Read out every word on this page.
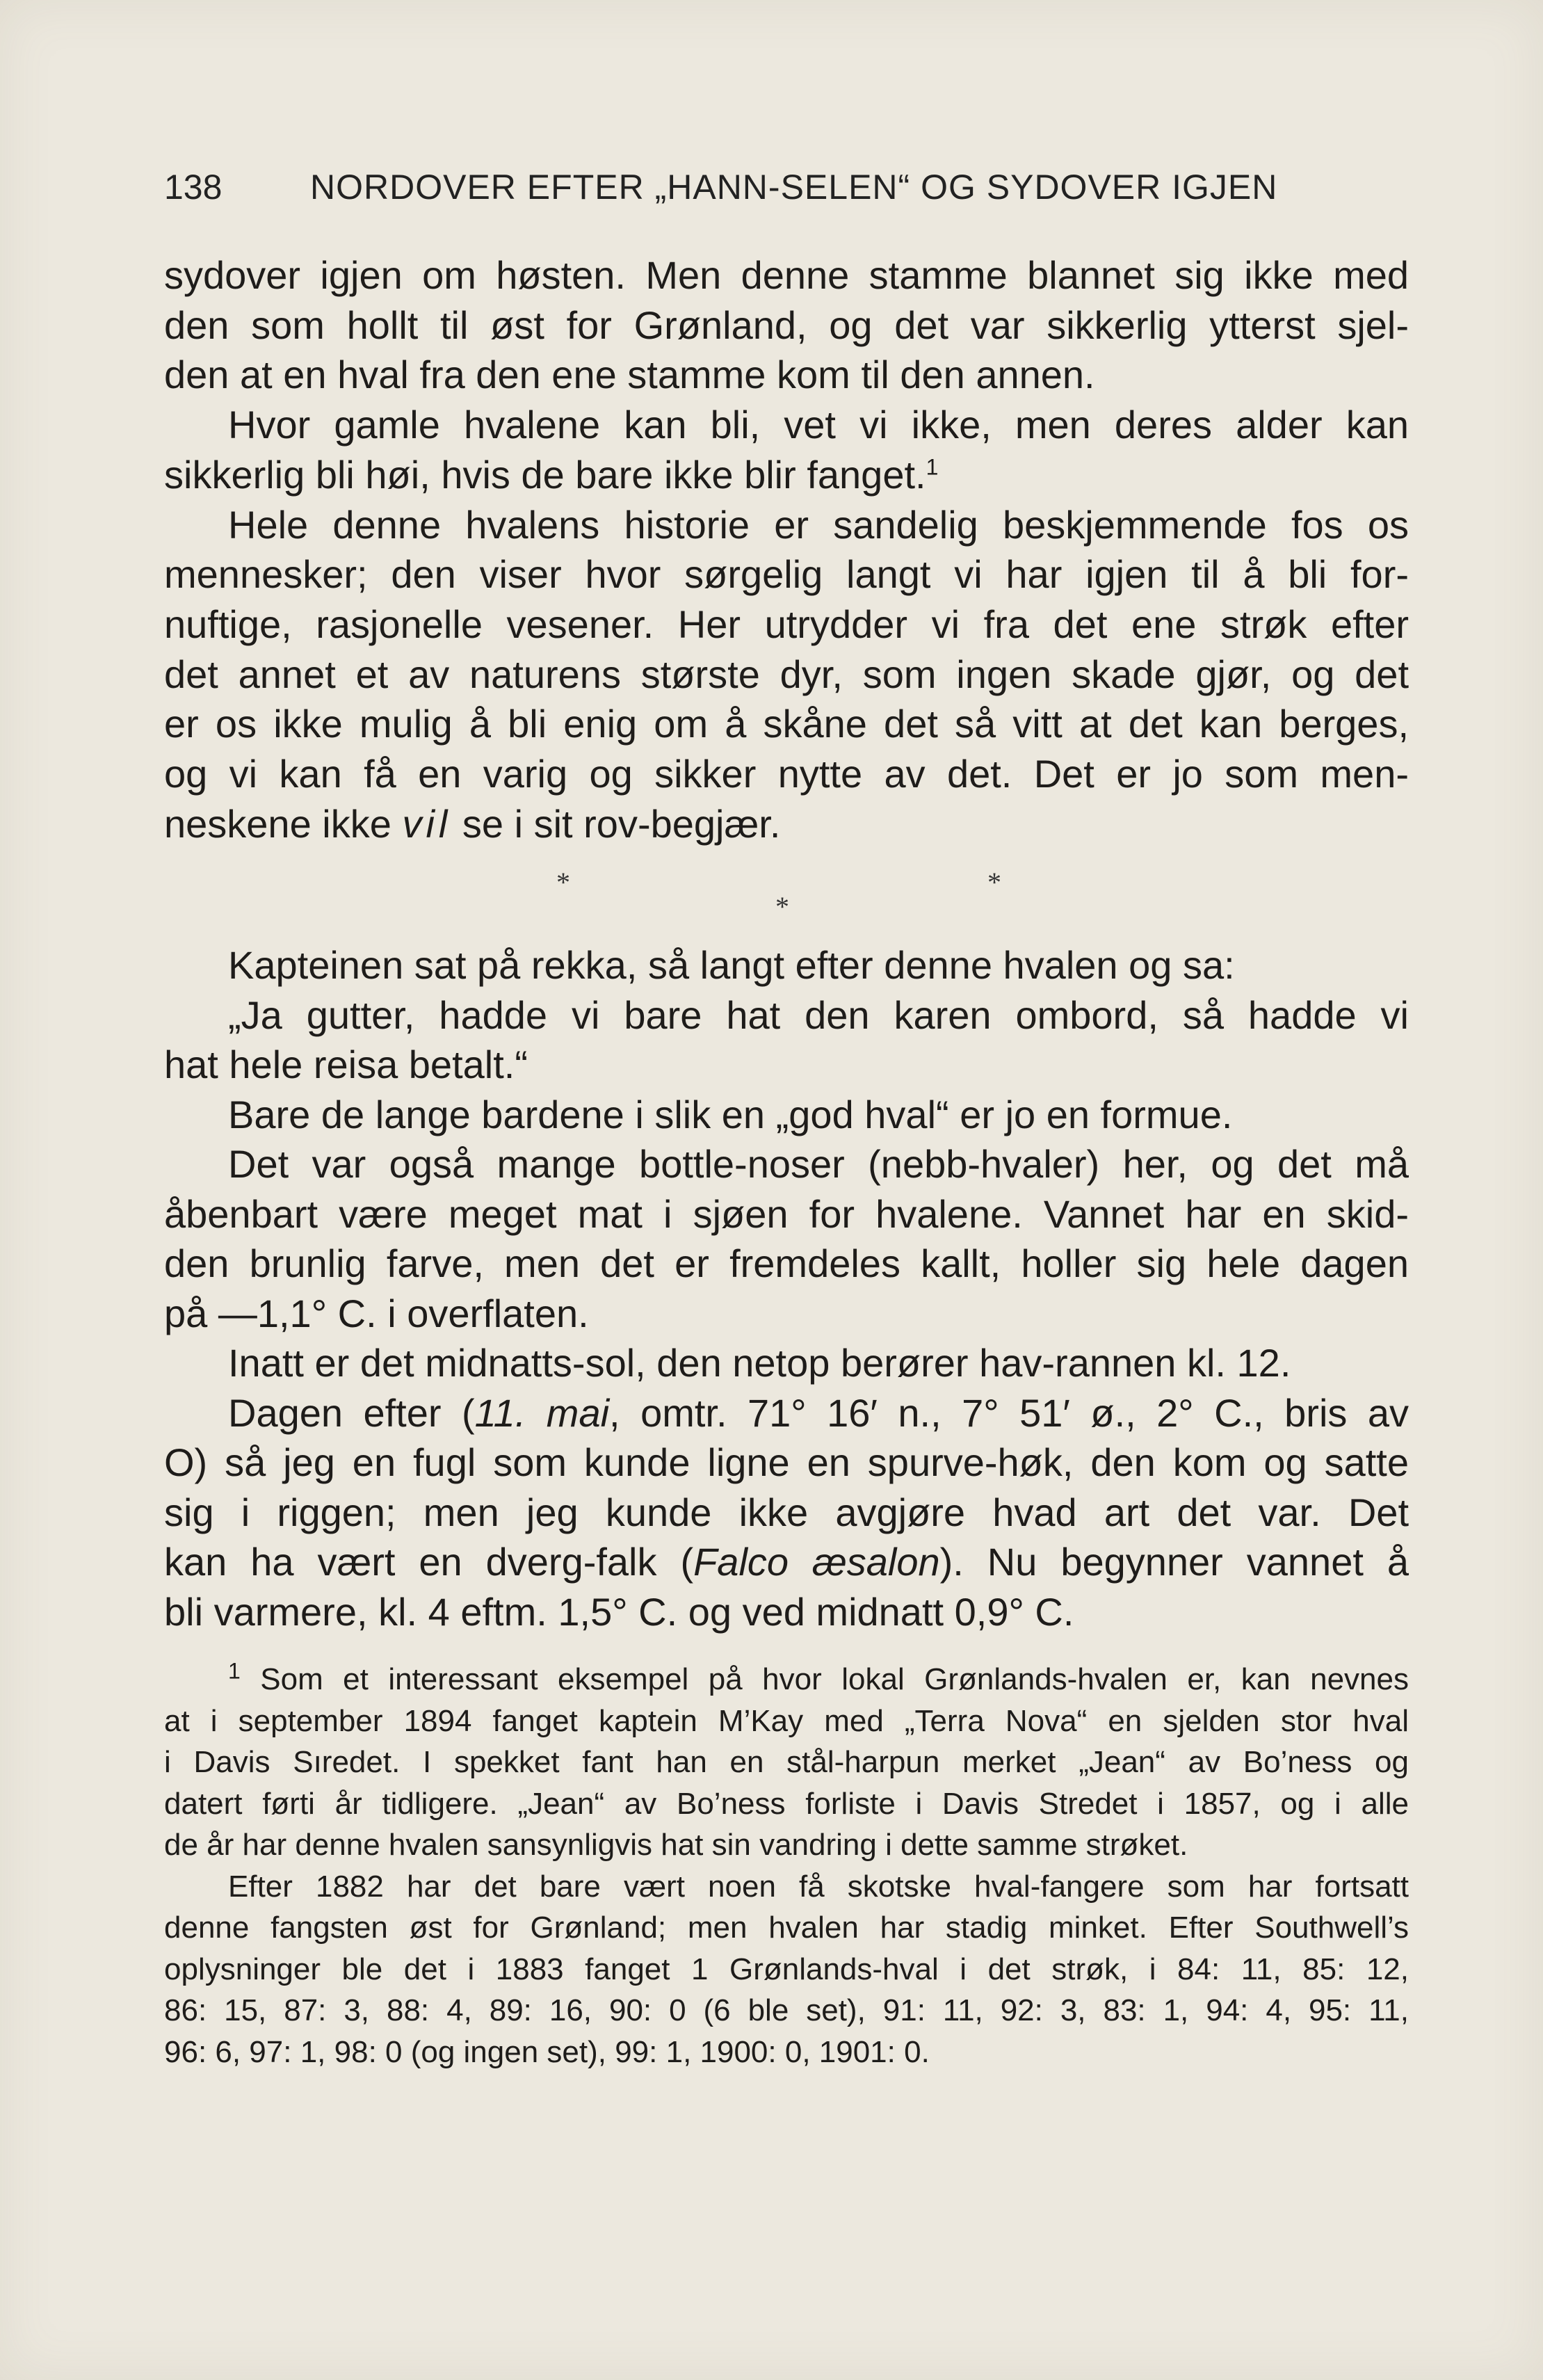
138	NORDOVER EFTER „HANN-SELEN“ OG SYDOVER IGJEN

sydover igjen om høsten. Men denne stamme blannet sig ikke med

den som hollt til øst for Grønland, og det var sikkerlig ytterst sjel-

den at en hval fra den ene stamme kom til den annen.

Hvor gamle hvalene kan bli, vet vi ikke, men deres alder kan

sikkerlig bli høi, hvis de bare ikke blir fanget.$^1$

Hele denne hvalens historie er sandelig beskjemmende fos os

mennesker; den viser hvor sørgelig langt vi har igjen til å bli for-

nuftige, rasjonelle vesener. Her utrydder vi fra det ene strøk efter

det annet et av naturens største dyr, som ingen skade gjør, og det

er os ikke mulig å bli enig om å skåne det så vitt at det kan berges,

og vi kan få en varig og sikker nytte av det. Det er jo som men-

neskene ikke vil se i sit rov-begjær.

*
*
*

Kapteinen sat på rekka, så langt efter denne hvalen og sa:

„Ja gutter, hadde vi bare hat den karen ombord, så hadde vi

hat hele reisa betalt.“

Bare de lange bardene i slik en „god hval“ er jo en formue.

Det var også mange bottle-noser (nebb-hvaler) her, og det må

åbenbart være meget mat i sjøen for hvalene. Vannet har en skid-

den brunlig farve, men det er fremdeles kallt, holler sig hele dagen

på —1,1° C. i overflaten.

Inatt er det midnatts-sol, den netop berører hav-rannen kl. 12.

Dagen efter (11. mai, omtr. 71° 16′ n., 7° 51′ ø., 2° C., bris av

O) så jeg en fugl som kunde ligne en spurve-høk, den kom og satte

sig i riggen; men jeg kunde ikke avgjøre hvad art det var. Det

kan ha vært en dverg-falk (Falco æsalon). Nu begynner vannet å

bli varmere, kl. 4 eftm. 1,5° C. og ved midnatt 0,9° C.

$^1$ Som et interessant eksempel på hvor lokal Grønlands-hvalen er, kan nevnes

at i september 1894 fanget kaptein M’Kay med „Terra Nova“ en sjelden stor hval

i Davis Sıredet. I spekket fant han en stål-harpun merket „Jean“ av Bo’ness og

datert førti år tidligere. „Jean“ av Bo’ness forliste i Davis Stredet i 1857, og i alle

de år har denne hvalen sansynligvis hat sin vandring i dette samme strøket.

Efter 1882 har det bare vært noen få skotske hval-fangere som har fortsatt

denne fangsten øst for Grønland; men hvalen har stadig minket. Efter Southwell’s

oplysninger ble det i 1883 fanget 1 Grønlands-hval i det strøk, i 84: 11, 85: 12,

86: 15, 87: 3, 88: 4, 89: 16, 90: 0 (6 ble set), 91: 11, 92: 3, 83: 1, 94: 4, 95: 11,

96: 6, 97: 1, 98: 0 (og ingen set), 99: 1, 1900: 0, 1901: 0.
